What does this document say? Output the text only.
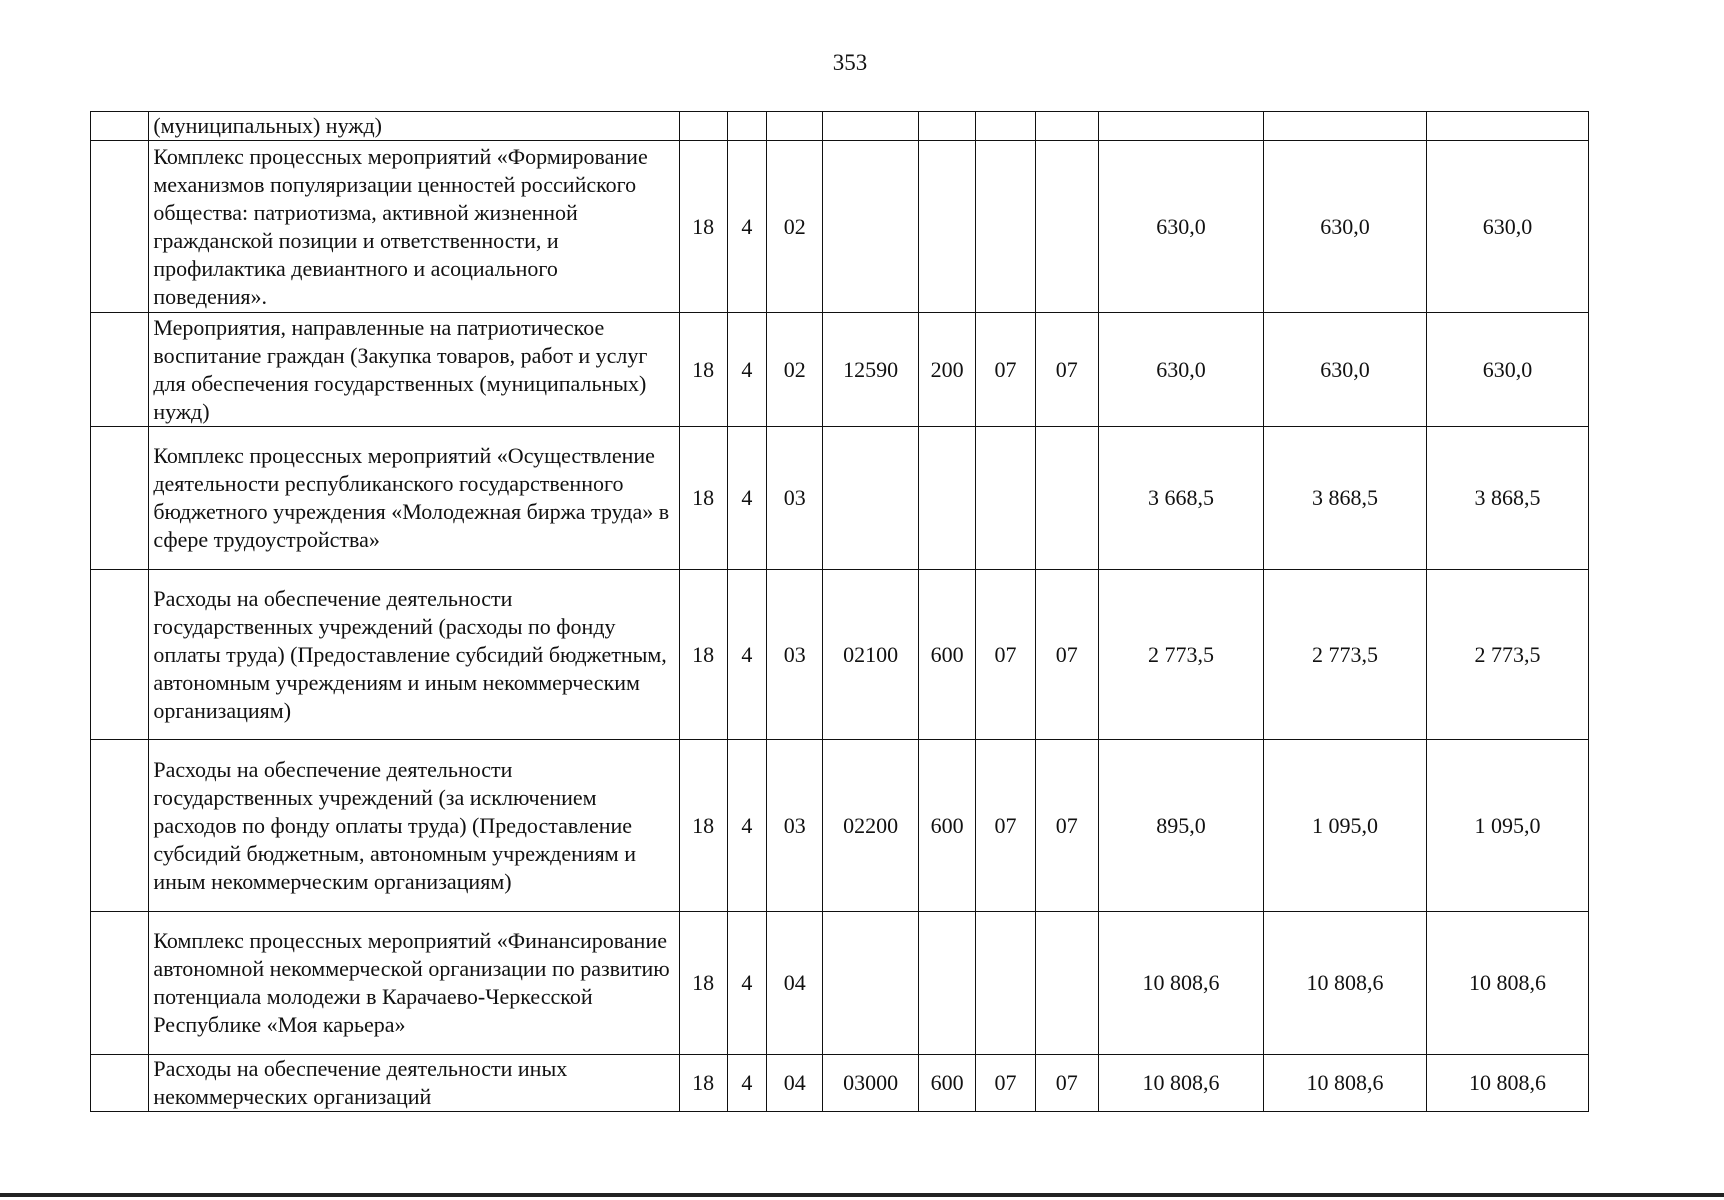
353
	(муниципальных) нужд)										
	Комплекс процессных мероприятий «Формирование механизмов популяризации ценностей российского общества: патриотизма, активной жизненной гражданской позиции и ответственности, и профилактика девиантного и асоциального поведения».	18	4	02					630,0	630,0	630,0
	Мероприятия, направленные на патриотическое воспитание граждан (Закупка товаров, работ и услуг для обеспечения государственных (муниципальных) нужд)	18	4	02	12590	200	07	07	630,0	630,0	630,0
	Комплекс процессных мероприятий «Осуществление деятельности республиканского государственного бюджетного учреждения «Молодежная биржа труда» в сфере трудоустройства»	18	4	03					3 668,5	3 868,5	3 868,5
	Расходы на обеспечение деятельности государственных учреждений (расходы по фонду оплаты труда) (Предоставление субсидий бюджетным, автономным учреждениям и иным некоммерческим организациям)	18	4	03	02100	600	07	07	2 773,5	2 773,5	2 773,5
	Расходы на обеспечение деятельности государственных учреждений (за исключением расходов по фонду оплаты труда) (Предоставление субсидий бюджетным, автономным учреждениям и иным некоммерческим организациям)	18	4	03	02200	600	07	07	895,0	1 095,0	1 095,0
	Комплекс процессных мероприятий «Финансирование автономной некоммерческой организации по развитию потенциала молодежи в Карачаево-Черкесской Республике «Моя карьера»	18	4	04					10 808,6	10 808,6	10 808,6
	Расходы на обеспечение деятельности иных некоммерческих организаций	18	4	04	03000	600	07	07	10 808,6	10 808,6	10 808,6
